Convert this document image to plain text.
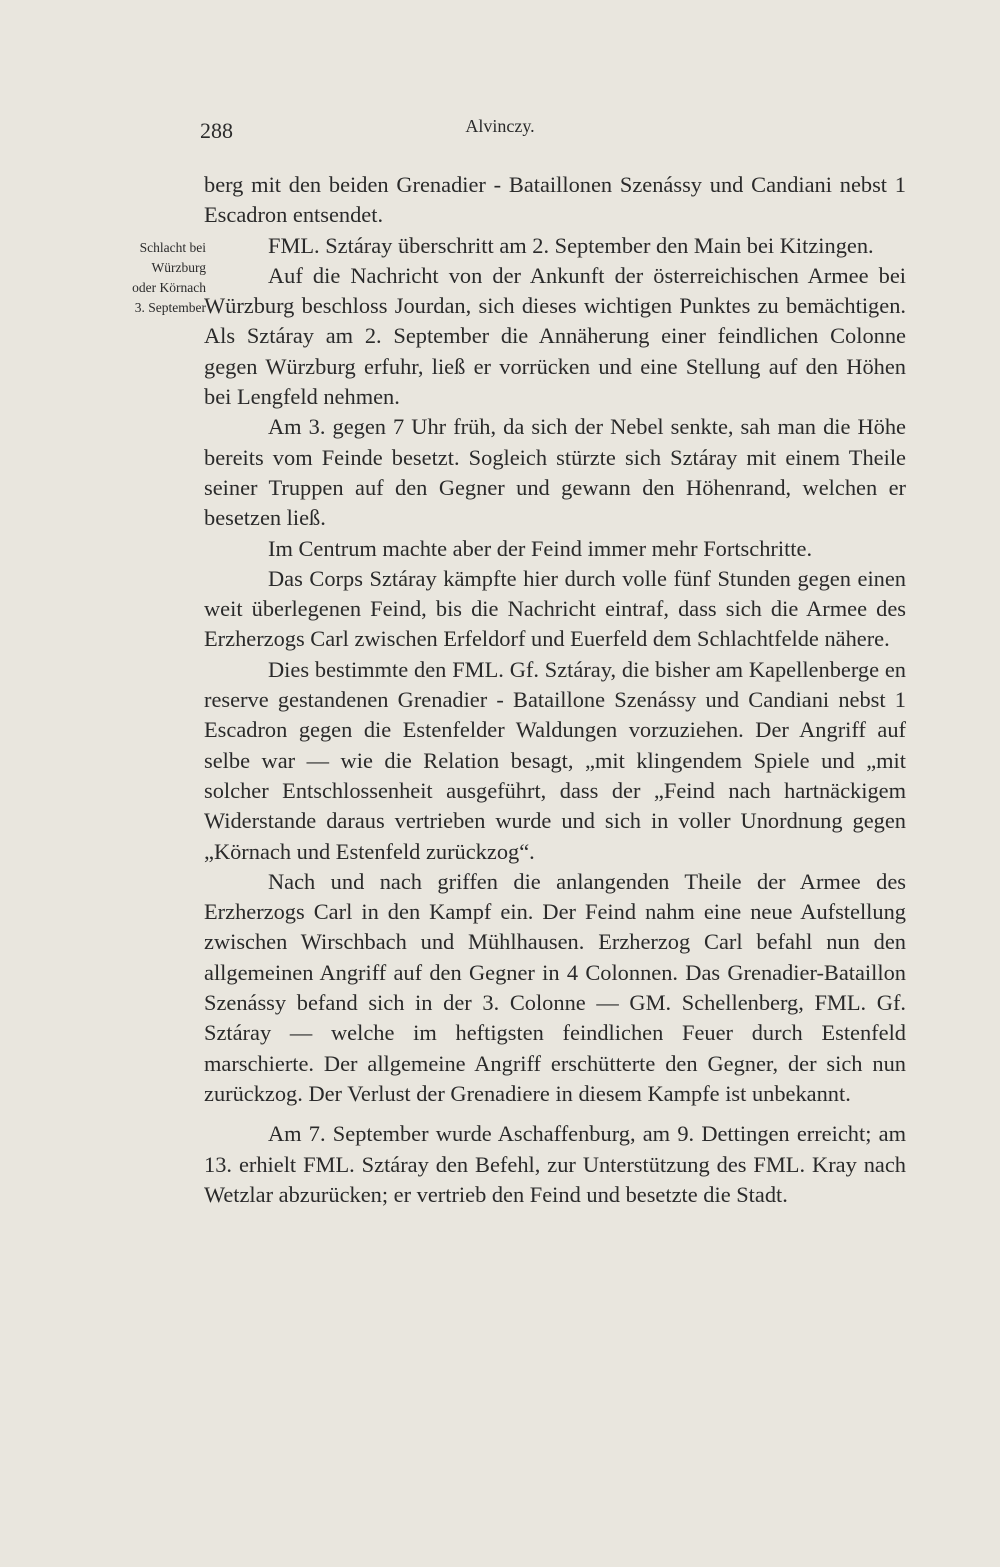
288	Alvinczy.
Schlacht bei
Würzburg
oder Körnach
3. September

berg mit den beiden Grenadier - Bataillonen Szenássy und Candiani nebst 1 Escadron entsendet.

FML. Sztáray überschritt am 2. September den Main bei Kitzingen.

Auf die Nachricht von der Ankunft der österreichischen Armee bei Würzburg beschloss Jourdan, sich dieses wichtigen Punktes zu bemächtigen. Als Sztáray am 2. September die Annäherung einer feindlichen Colonne gegen Würzburg erfuhr, ließ er vorrücken und eine Stellung auf den Höhen bei Lengfeld nehmen.

Am 3. gegen 7 Uhr früh, da sich der Nebel senkte, sah man die Höhe bereits vom Feinde besetzt. Sogleich stürzte sich Sztáray mit einem Theile seiner Truppen auf den Gegner und gewann den Höhenrand, welchen er besetzen ließ.

Im Centrum machte aber der Feind immer mehr Fortschritte.

Das Corps Sztáray kämpfte hier durch volle fünf Stunden gegen einen weit überlegenen Feind, bis die Nachricht eintraf, dass sich die Armee des Erzherzogs Carl zwischen Erfeldorf und Euerfeld dem Schlachtfelde nähere.

Dies bestimmte den FML. Gf. Sztáray, die bisher am Kapellenberge en reserve gestandenen Grenadier - Bataillone Szenássy und Candiani nebst 1 Escadron gegen die Estenfelder Waldungen vorzuziehen. Der Angriff auf selbe war — wie die Relation besagt, „mit klingendem Spiele und „mit solcher Entschlossenheit ausgeführt, dass der „Feind nach hartnäckigem Widerstande daraus vertrieben wurde und sich in voller Unordnung gegen „Körnach und Estenfeld zurückzog“.

Nach und nach griffen die anlangenden Theile der Armee des Erzherzogs Carl in den Kampf ein. Der Feind nahm eine neue Aufstellung zwischen Wirschbach und Mühlhausen. Erzherzog Carl befahl nun den allgemeinen Angriff auf den Gegner in 4 Colonnen. Das Grenadier-Bataillon Szenássy befand sich in der 3. Colonne — GM. Schellenberg, FML. Gf. Sztáray — welche im heftigsten feindlichen Feuer durch Estenfeld marschierte. Der allgemeine Angriff erschütterte den Gegner, der sich nun zurückzog. Der Verlust der Grenadiere in diesem Kampfe ist unbekannt.

Am 7. September wurde Aschaffenburg, am 9. Dettingen erreicht; am 13. erhielt FML. Sztáray den Befehl, zur Unterstützung des FML. Kray nach Wetzlar abzurücken; er vertrieb den Feind und besetzte die Stadt.
